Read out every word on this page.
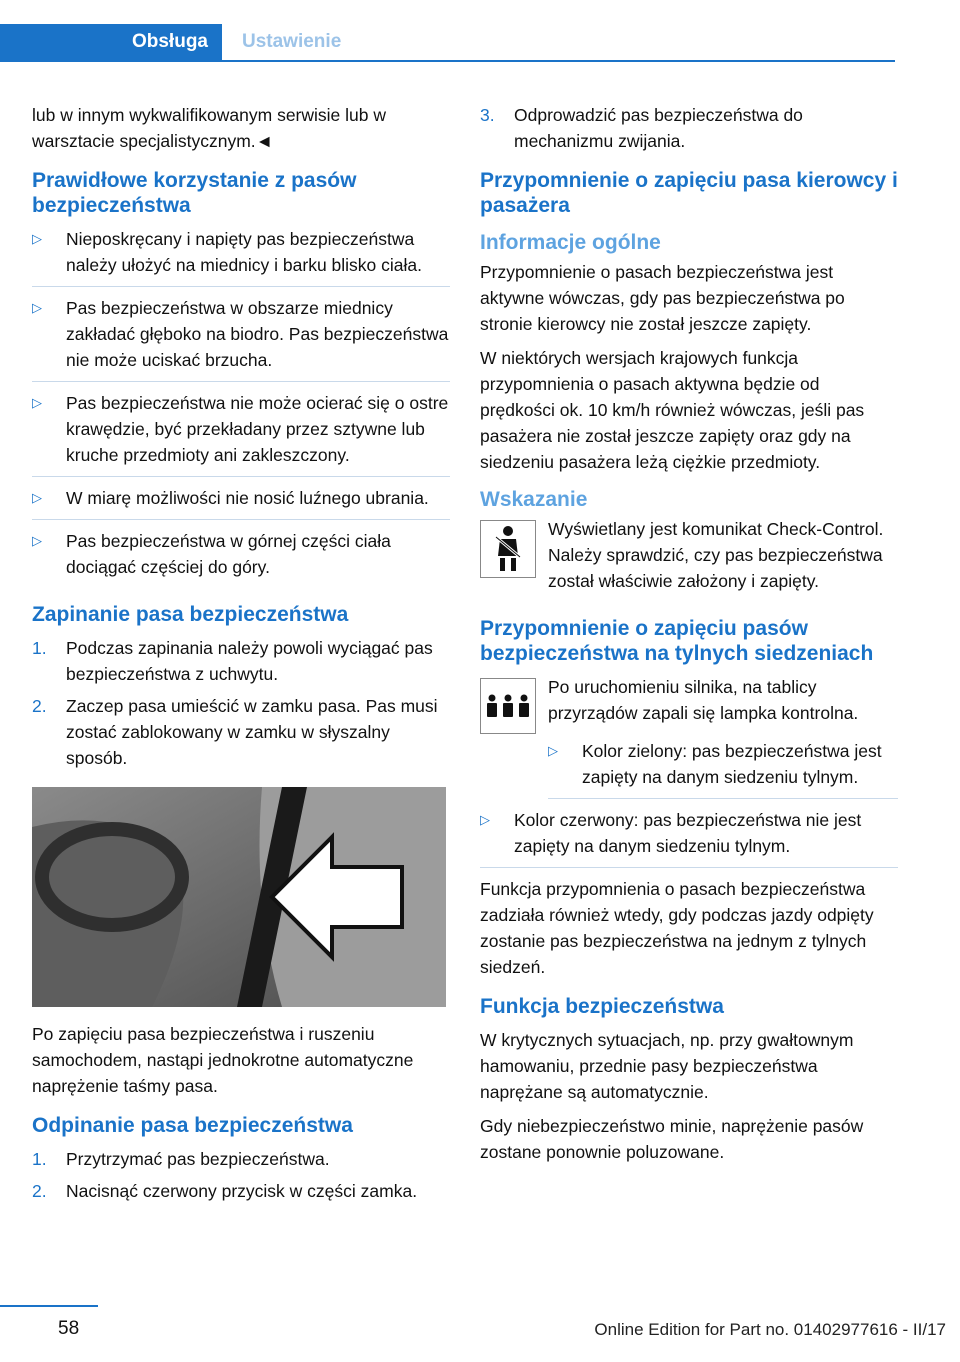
Obsługa	Ustawienie

lub w innym wykwalifikowanym serwisie lub w warsztacie specjalistycznym.◄

Prawidłowe korzystanie z pasów bezpieczeństwa
▷ Nieposkręcany i napięty pas bezpieczeństwa należy ułożyć na miednicy i barku blisko ciała.
▷ Pas bezpieczeństwa w obszarze miednicy zakładać głęboko na biodro. Pas bezpieczeństwa nie może uciskać brzucha.
▷ Pas bezpieczeństwa nie może ocierać się o ostre krawędzie, być przekładany przez sztywne lub kruche przedmioty ani zakleszczony.
▷ W miarę możliwości nie nosić luźnego ubrania.
▷ Pas bezpieczeństwa w górnej części ciała dociągać częściej do góry.
Zapinanie pasa bezpieczeństwa
1. Podczas zapinania należy powoli wyciągać pas bezpieczeństwa z uchwytu.
2. Zaczep pasa umieścić w zamku pasa. Pas musi zostać zablokowany w zamku w słyszalny sposób.

Po zapięciu pasa bezpieczeństwa i ruszeniu samochodem, nastąpi jednokrotne automatyczne naprężenie taśmy pasa.

Odpinanie pasa bezpieczeństwa
1. Przytrzymać pas bezpieczeństwa.
2. Nacisnąć czerwony przycisk w części zamka.
3. Odprowadzić pas bezpieczeństwa do mechanizmu zwijania.
Przypomnienie o zapięciu pasa kierowcy i pasażera
Informacje ogólne

Przypomnienie o pasach bezpieczeństwa jest aktywne wówczas, gdy pas bezpieczeństwa po stronie kierowcy nie został jeszcze zapięty.

W niektórych wersjach krajowych funkcja przypomnienia o pasach aktywna będzie od prędkości ok. 10 km/h również wówczas, jeśli pas pasażera nie został jeszcze zapięty oraz gdy na siedzeniu pasażera leżą ciężkie przedmioty.

Wskazanie

Wyświetlany jest komunikat Check-Control. Należy sprawdzić, czy pas bezpieczeństwa został właściwie założony i zapięty.

Przypomnienie o zapięciu pasów bezpieczeństwa na tylnych siedzeniach

Po uruchomieniu silnika, na tablicy przyrządów zapali się lampka kontrolna.

▷ Kolor zielony: pas bezpieczeństwa jest zapięty na danym siedzeniu tylnym.
▷ Kolor czerwony: pas bezpieczeństwa nie jest zapięty na danym siedzeniu tylnym.

Funkcja przypomnienia o pasach bezpieczeństwa zadziała również wtedy, gdy podczas jazdy odpięty zostanie pas bezpieczeństwa na jednym z tylnych siedzeń.

Funkcja bezpieczeństwa

W krytycznych sytuacjach, np. przy gwałtownym hamowaniu, przednie pasy bezpieczeństwa naprężane są automatycznie.

Gdy niebezpieczeństwo minie, naprężenie pasów zostane ponownie poluzowane.

58	Online Edition for Part no. 01402977616 - II/17
